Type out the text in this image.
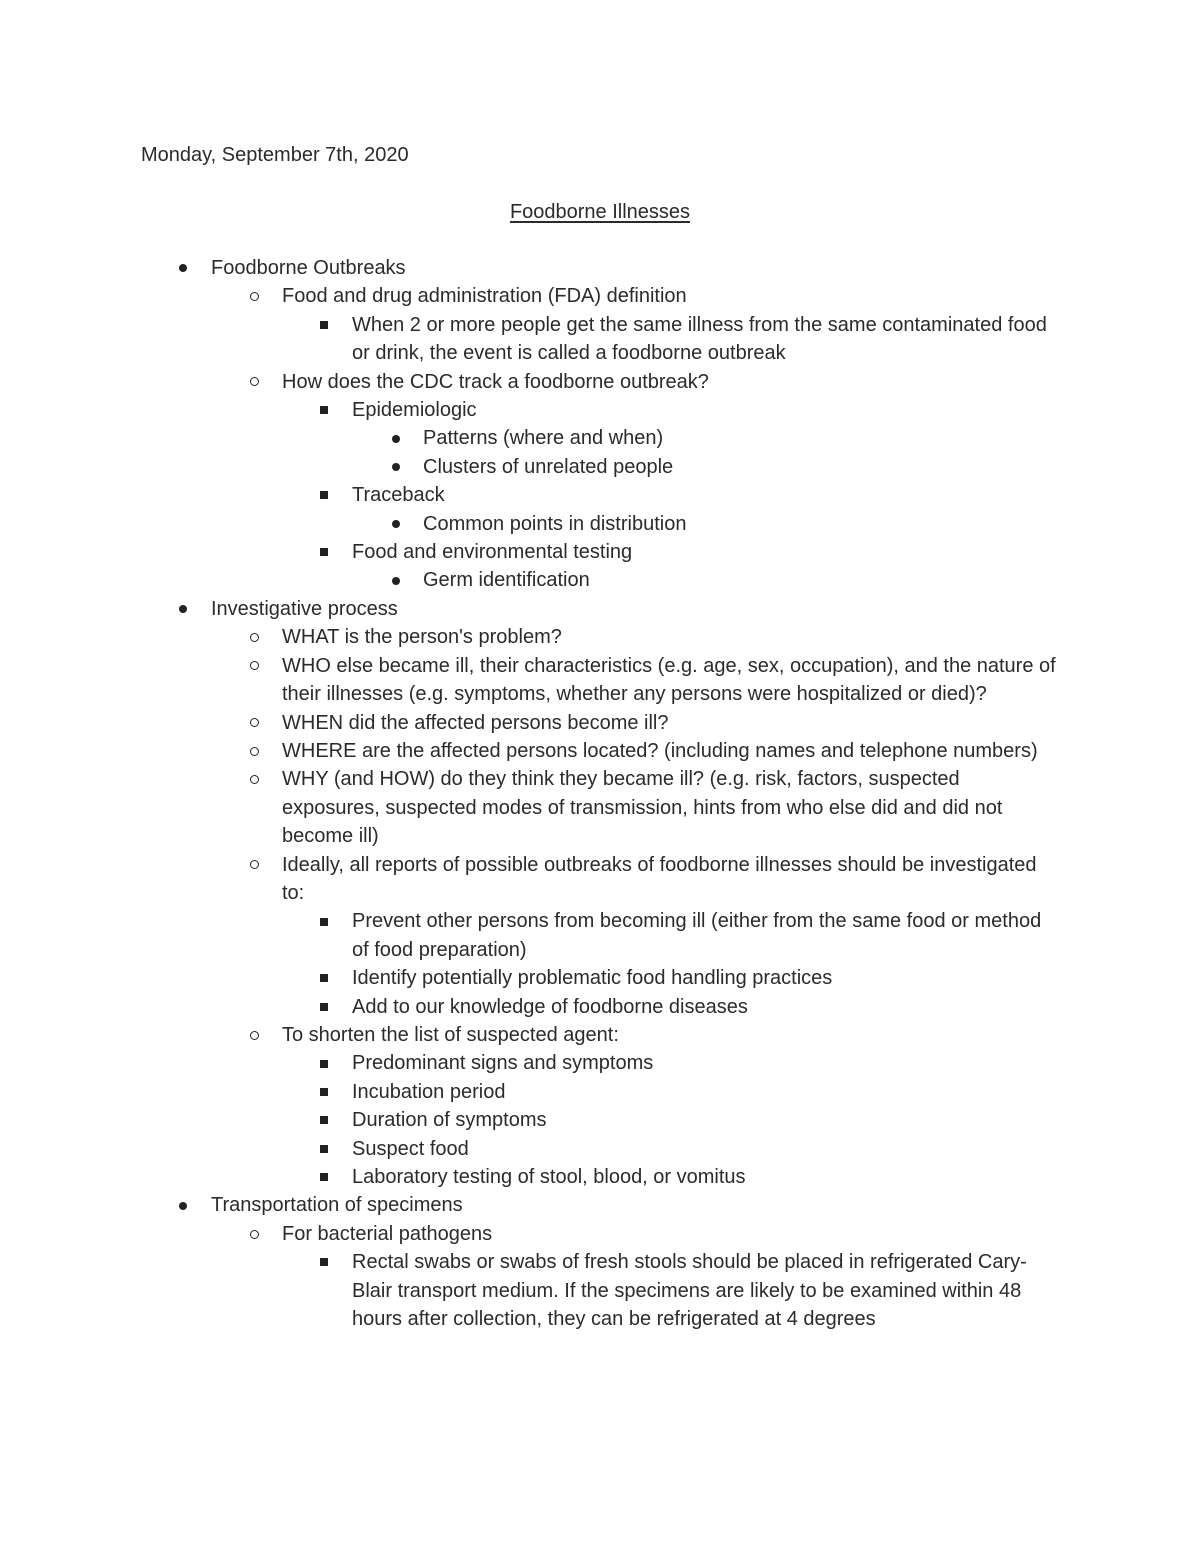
Monday, September 7th, 2020
Foodborne Illnesses
Foodborne Outbreaks
Food and drug administration (FDA) definition
When 2 or more people get the same illness from the same contaminated food or drink, the event is called a foodborne outbreak
How does the CDC track a foodborne outbreak?
Epidemiologic
Patterns (where and when)
Clusters of unrelated people
Traceback
Common points in distribution
Food and environmental testing
Germ identification
Investigative process
WHAT is the person's problem?
WHO else became ill, their characteristics (e.g. age, sex, occupation), and the nature of their illnesses (e.g. symptoms, whether any persons were hospitalized or died)?
WHEN did the affected persons become ill?
WHERE are the affected persons located? (including names and telephone numbers)
WHY (and HOW) do they think they became ill? (e.g. risk, factors, suspected exposures, suspected modes of transmission, hints from who else did and did not become ill)
Ideally, all reports of possible outbreaks of foodborne illnesses should be investigated to:
Prevent other persons from becoming ill (either from the same food or method of food preparation)
Identify potentially problematic food handling practices
Add to our knowledge of foodborne diseases
To shorten the list of suspected agent:
Predominant signs and symptoms
Incubation period
Duration of symptoms
Suspect food
Laboratory testing of stool, blood, or vomitus
Transportation of specimens
For bacterial pathogens
Rectal swabs or swabs of fresh stools should be placed in refrigerated Cary-Blair transport medium. If the specimens are likely to be examined within 48 hours after collection, they can be refrigerated at 4 degrees
